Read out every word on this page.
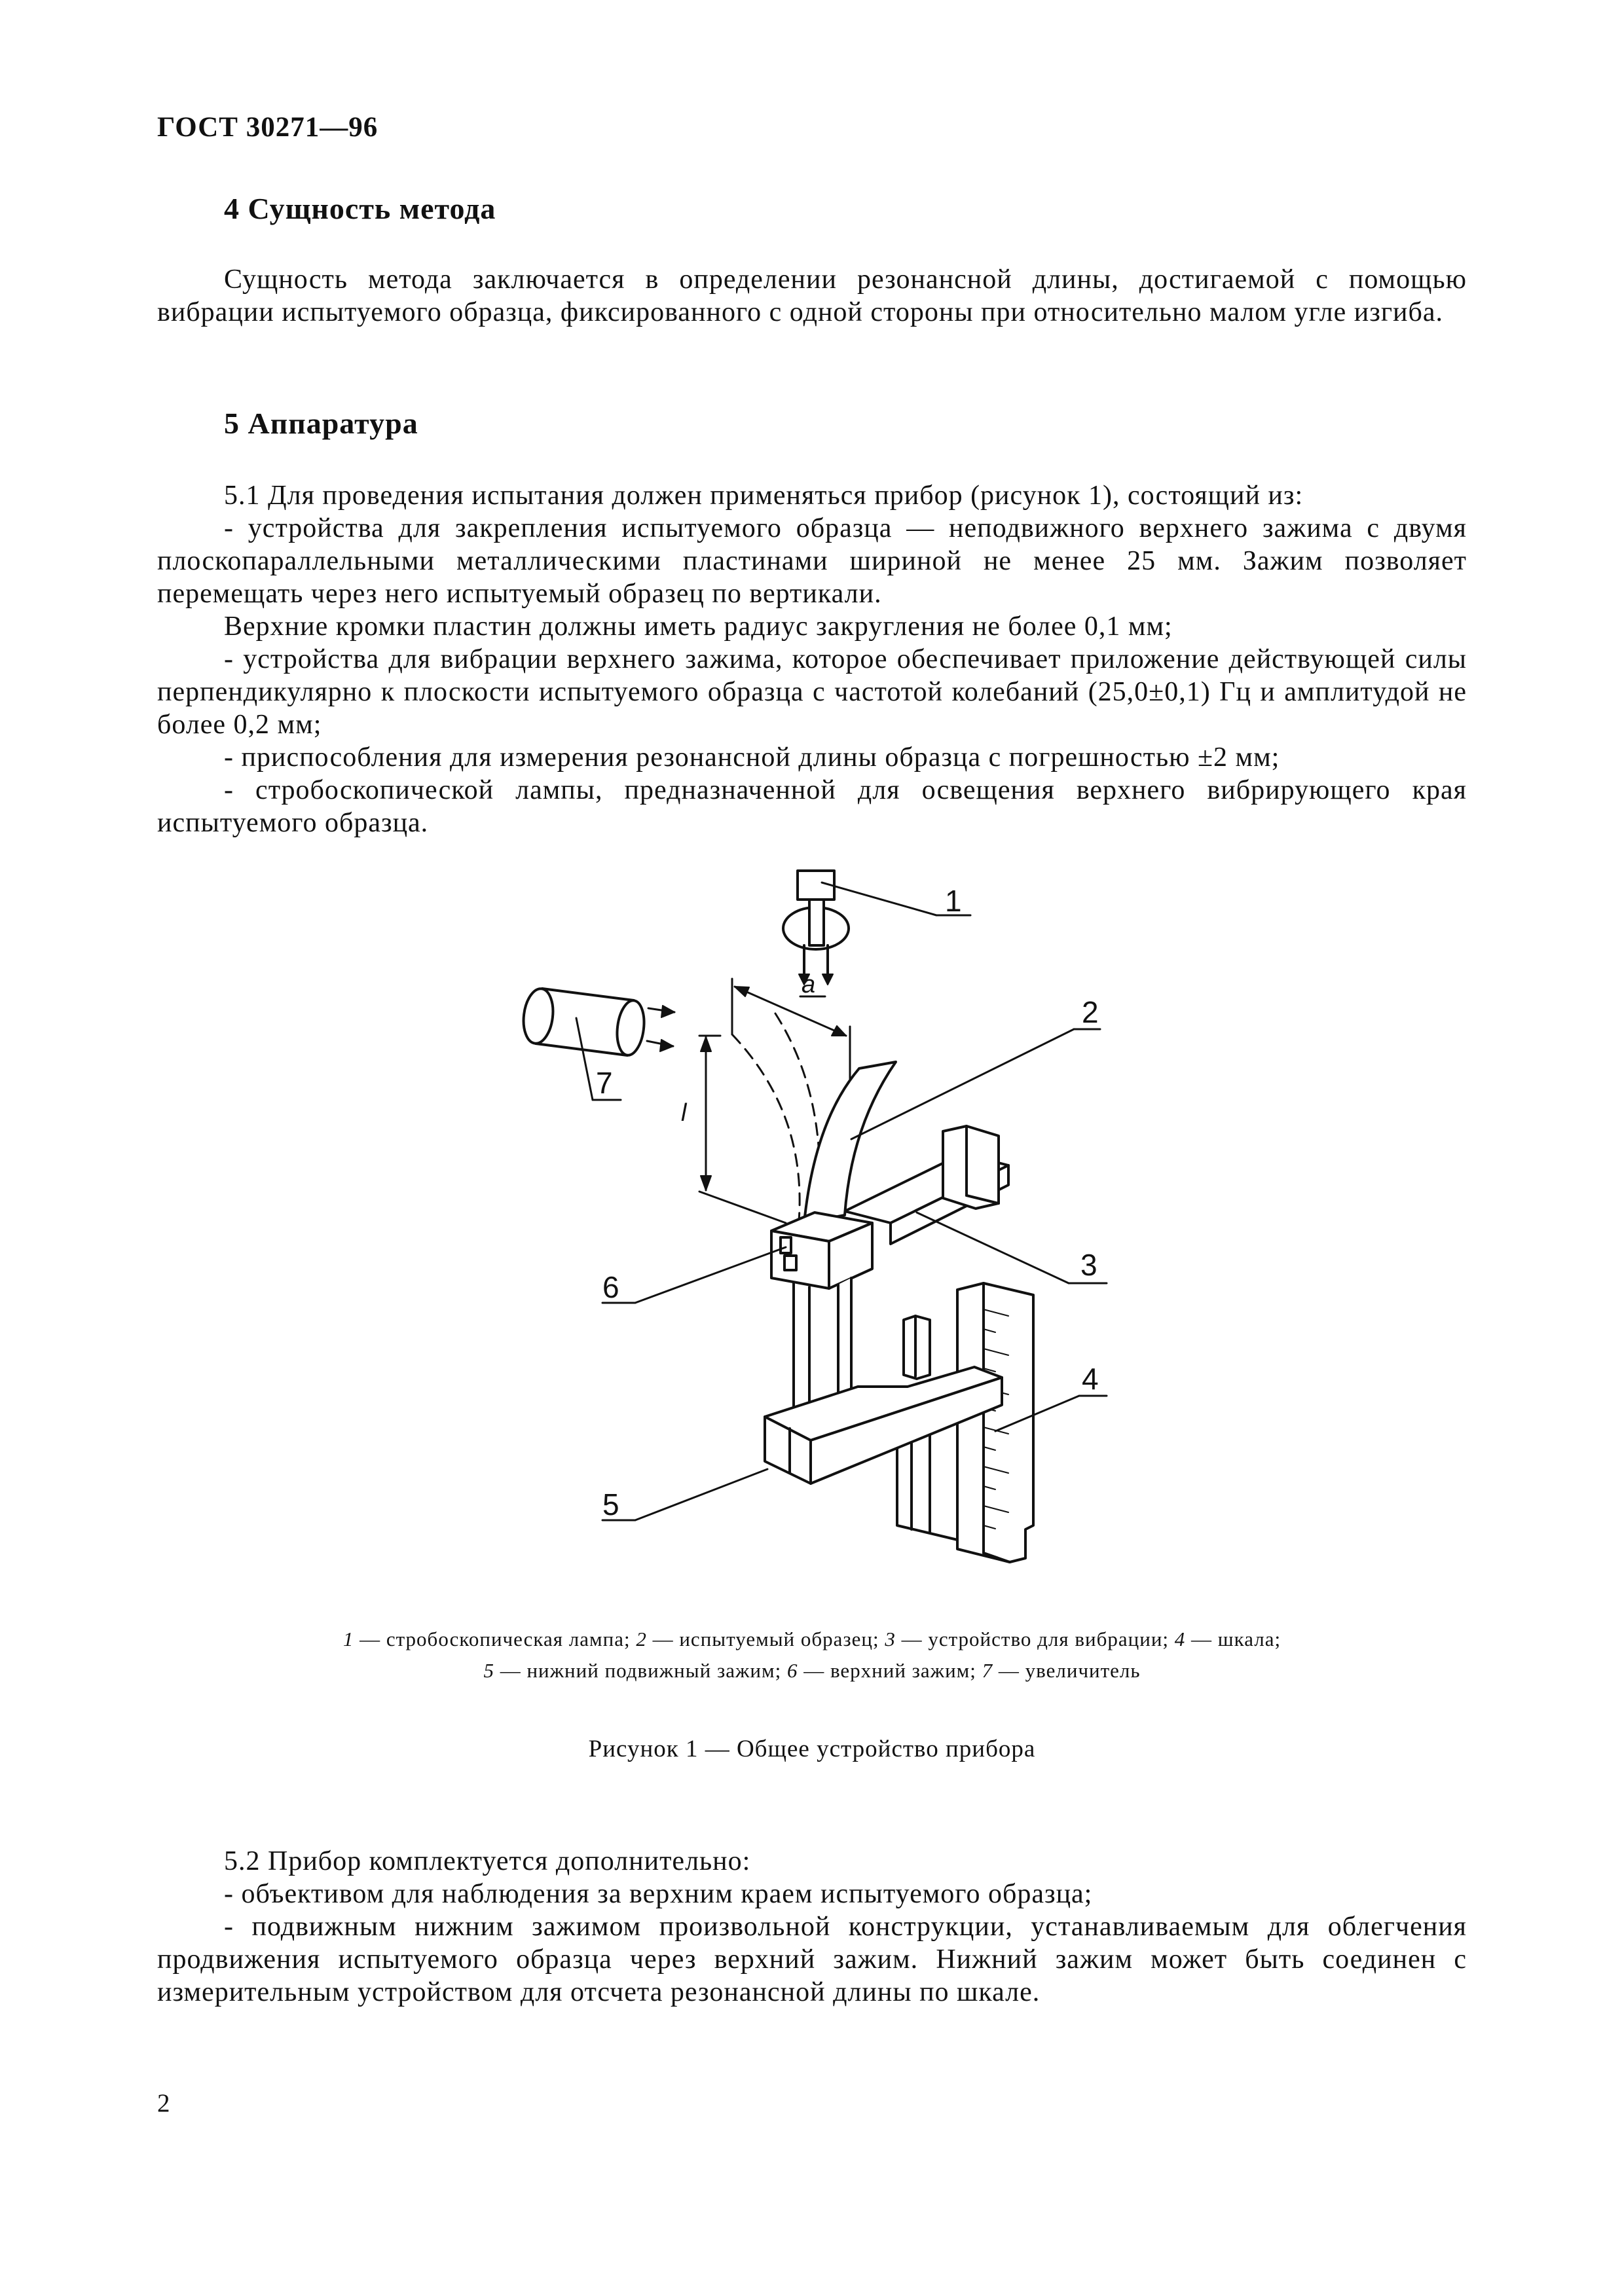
ГОСТ 30271—96
4 Сущность метода
Сущность метода заключается в определении резонансной длины, достигаемой с помощью вибрации испытуемого образца, фиксированного с одной стороны при относительно малом угле изгиба.
5 Аппаратура
5.1 Для проведения испытания должен применяться прибор (рисунок 1), состоящий из:
- устройства для закрепления испытуемого образца — неподвижного верхнего зажима с двумя плоскопараллельными металлическими пластинами шириной не менее 25 мм. Зажим позволяет перемещать через него испытуемый образец по вертикали.
Верхние кромки пластин должны иметь радиус закругления не более 0,1 мм;
- устройства для вибрации верхнего зажима, которое обеспечивает приложение действующей силы перпендикулярно к плоскости испытуемого образца с частотой колебаний (25,0±0,1) Гц и амплитудой не более 0,2 мм;
- приспособления для измерения резонансной длины образца с погрешностью ±2 мм;
- стробоскопической лампы, предназначенной для освещения верхнего вибрирующего края испытуемого образца.
1
2
3
4
6
5
7
a
l
1 — стробоскопическая лампа; 2 — испытуемый образец; 3 — устройство для вибрации; 4 — шкала;
5 — нижний подвижный зажим; 6 — верхний зажим; 7 — увеличитель
Рисунок 1 — Общее устройство прибора
5.2 Прибор комплектуется дополнительно:
- объективом для наблюдения за верхним краем испытуемого образца;
- подвижным нижним зажимом произвольной конструкции, устанавливаемым для облегчения продвижения испытуемого образца через верхний зажим. Нижний зажим может быть соединен с измерительным устройством для отсчета резонансной длины по шкале.
2
